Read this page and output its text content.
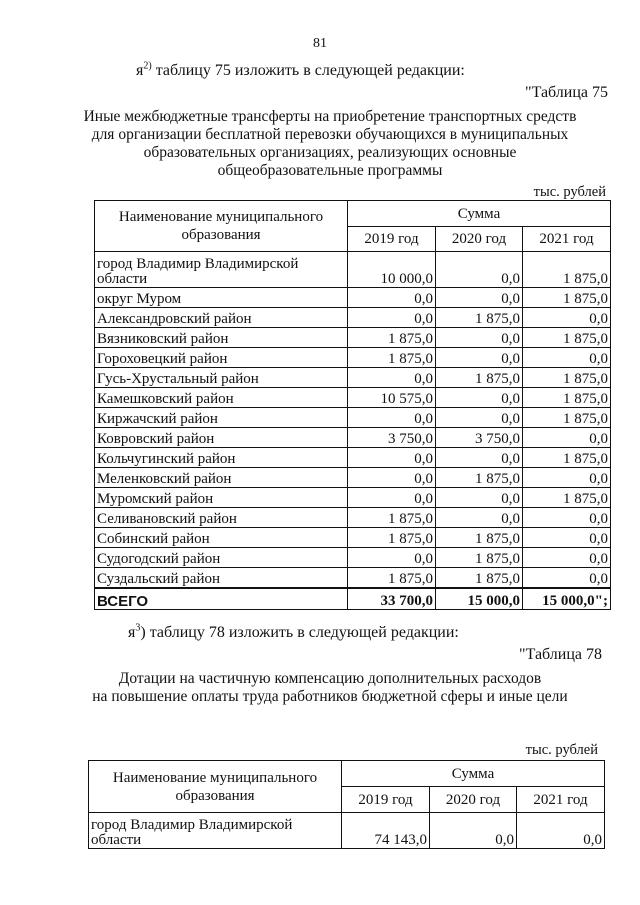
81
$я^{2)}$ таблицу 75 изложить в следующей редакции:
"Таблица 75
Иные межбюджетные трансферты на приобретение транспортных средств
для организации бесплатной перевозки обучающихся в муниципальных
образовательных организациях, реализующих основные
общеобразовательные программы
тыс. рублей
Наименование муниципального образования	Сумма		
	2019 год	2020 год	2021 год
город Владимир Владимирской области	10 000,0	0,0	1 875,0
округ Муром	0,0	0,0	1 875,0
Александровский район	0,0	1 875,0	0,0
Вязниковский район	1 875,0	0,0	1 875,0
Гороховецкий район	1 875,0	0,0	0,0
Гусь-Хрустальный район	0,0	1 875,0	1 875,0
Камешковский район	10 575,0	0,0	1 875,0
Киржачский район	0,0	0,0	1 875,0
Ковровский район	3 750,0	3 750,0	0,0
Кольчугинский район	0,0	0,0	1 875,0
Меленковский район	0,0	1 875,0	0,0
Муромский район	0,0	0,0	1 875,0
Селивановский район	1 875,0	0,0	0,0
Собинский район	1 875,0	1 875,0	0,0
Судогодский район	0,0	1 875,0	0,0
Суздальский район	1 875,0	1 875,0	0,0
ВСЕГО	33 700,0	15 000,0	15 000,0";
$я^3$) таблицу 78 изложить в следующей редакции:
"Таблица 78
Дотации на частичную компенсацию дополнительных расходов
на повышение оплаты труда работников бюджетной сферы и иные цели
тыс. рублей
Наименование муниципального образования	Сумма		
	2019 год	2020 год	2021 год
город Владимир Владимирской области	74 143,0	0,0	0,0
